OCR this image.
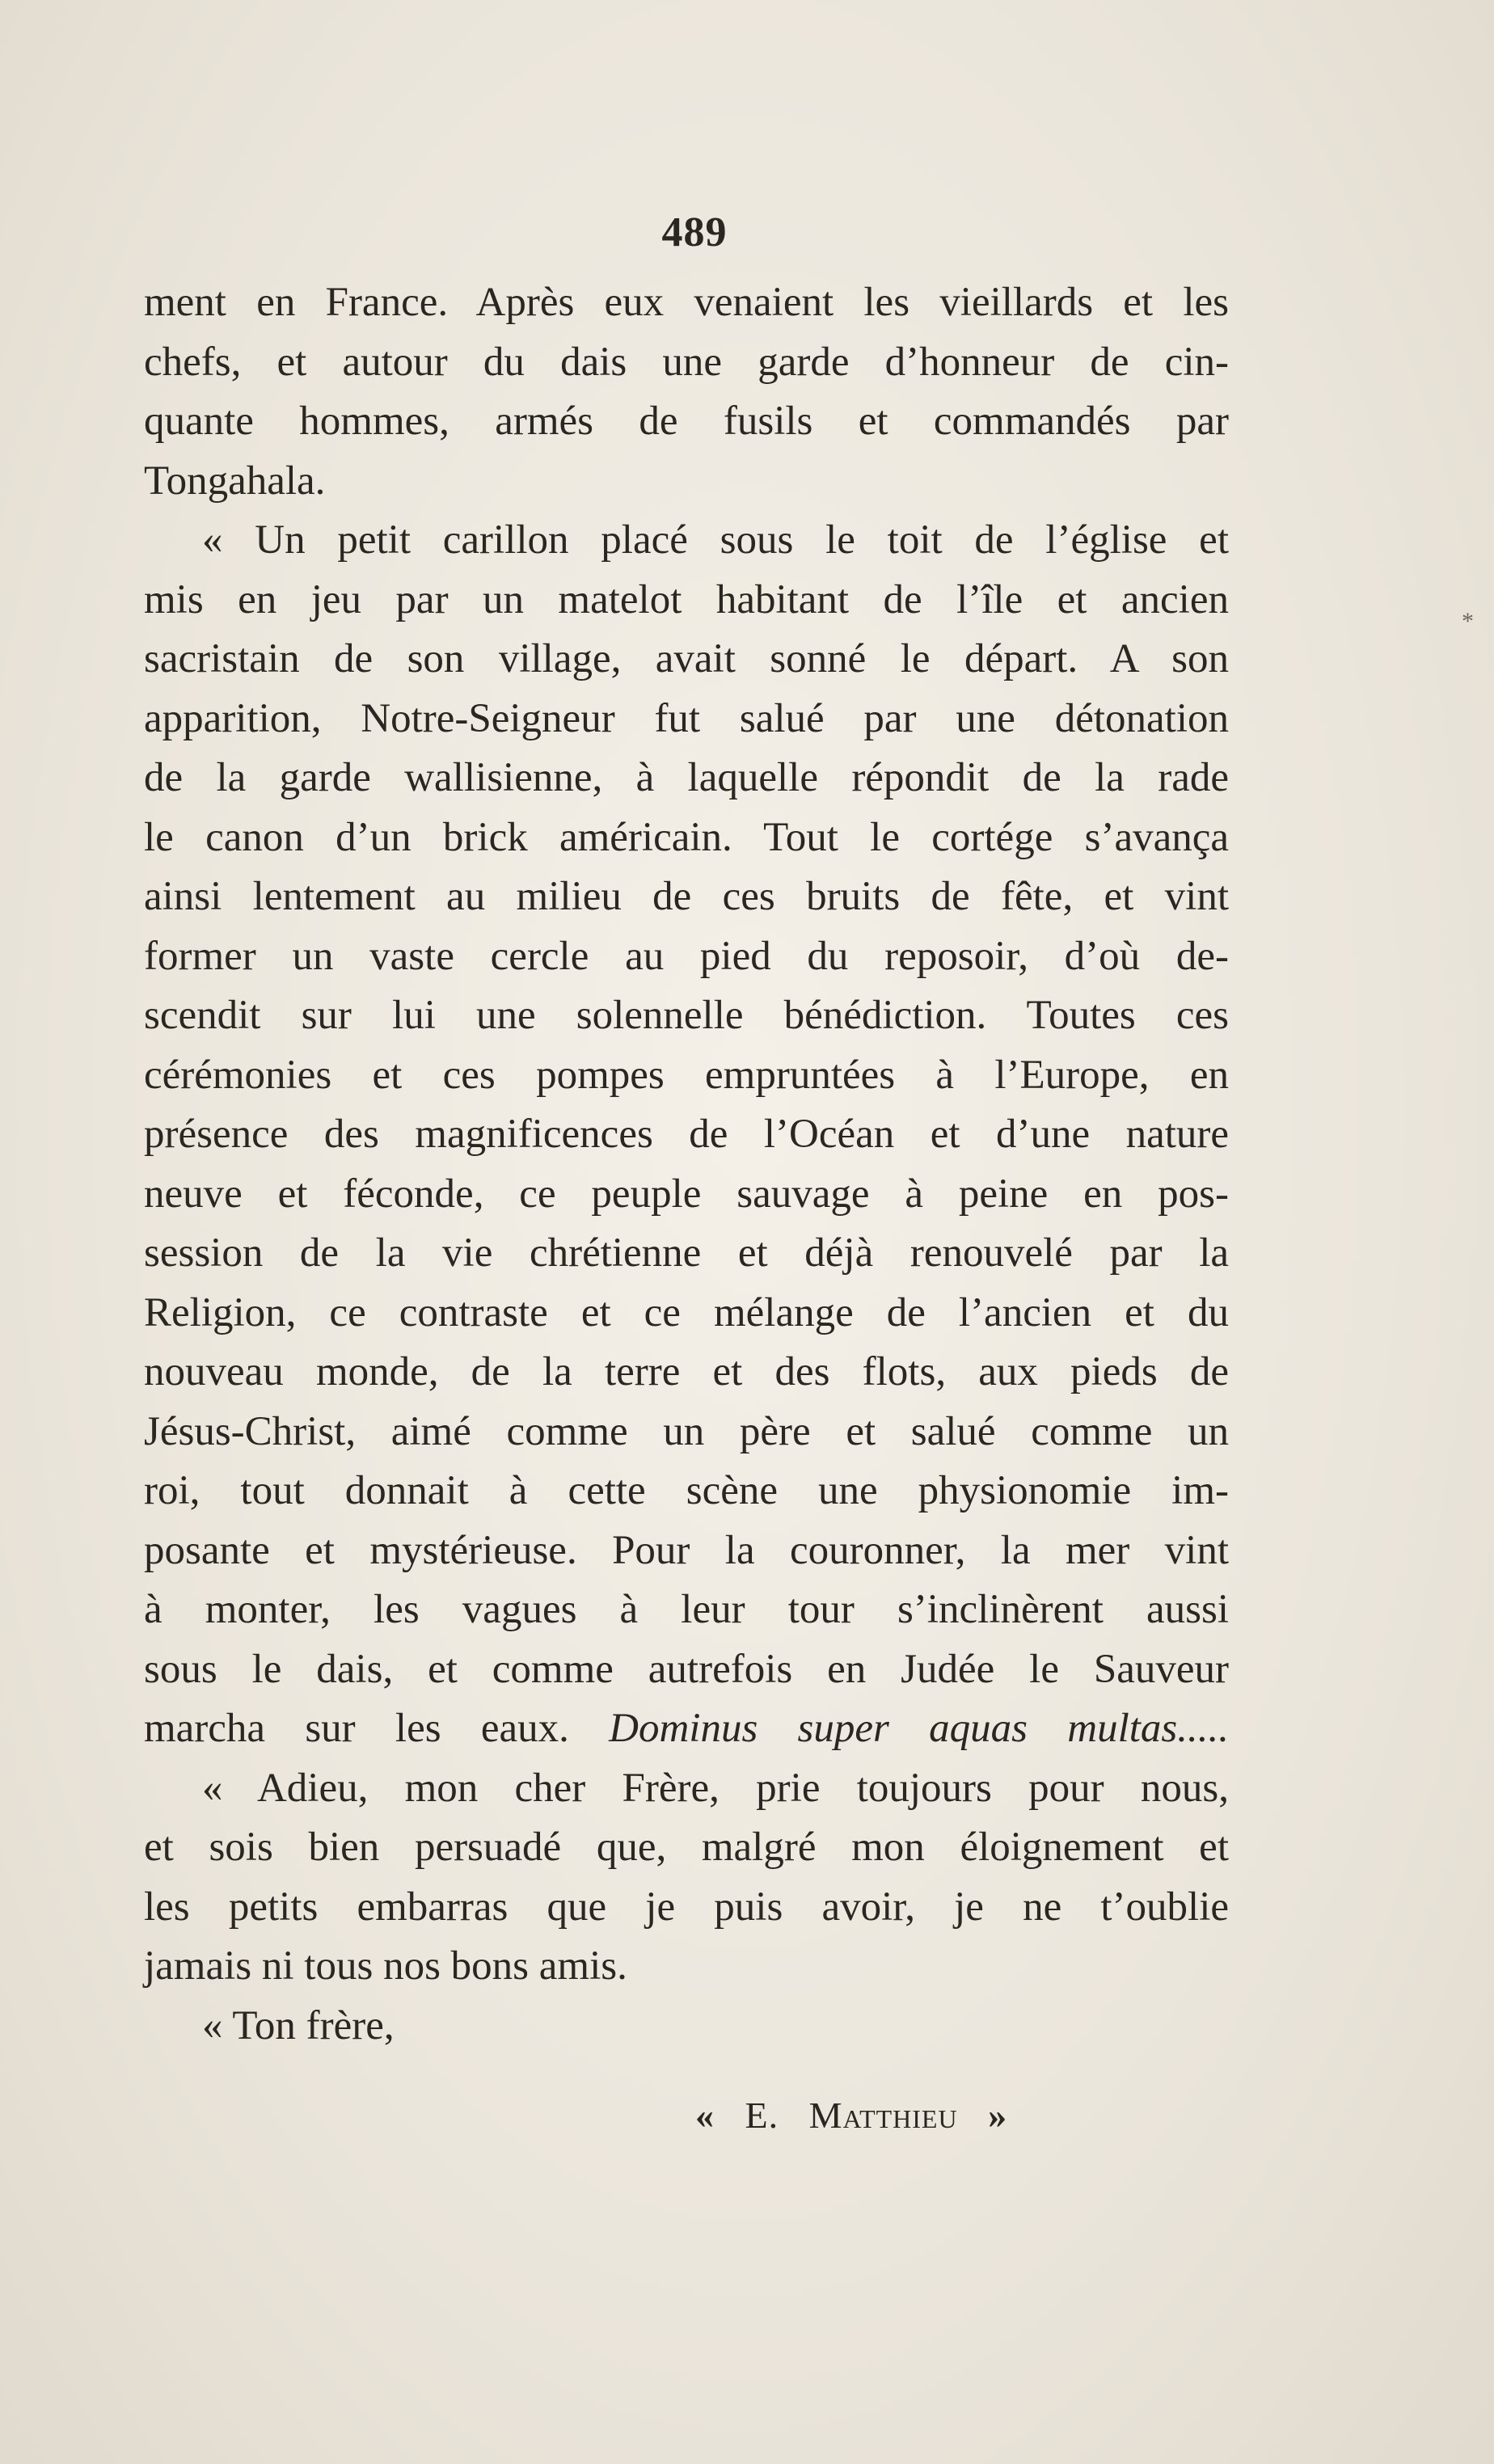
489
ment en France. Après eux venaient les vieillards et les
chefs, et autour du dais une garde d’honneur de cin-
quante hommes, armés de fusils et commandés par
Tongahala.
« Un petit carillon placé sous le toit de l’église et
mis en jeu par un matelot habitant de l’île et ancien
sacristain de son village, avait sonné le départ. A son
apparition, Notre-Seigneur fut salué par une détonation
de la garde wallisienne, à laquelle répondit de la rade
le canon d’un brick américain. Tout le cortége s’avança
ainsi lentement au milieu de ces bruits de fête, et vint
former un vaste cercle au pied du reposoir, d’où de-
scendit sur lui une solennelle bénédiction. Toutes ces
cérémonies et ces pompes empruntées à l’Europe, en
présence des magnificences de l’Océan et d’une nature
neuve et féconde, ce peuple sauvage à peine en pos-
session de la vie chrétienne et déjà renouvelé par la
Religion, ce contraste et ce mélange de l’ancien et du
nouveau monde, de la terre et des flots, aux pieds de
Jésus-Christ, aimé comme un père et salué comme un
roi, tout donnait à cette scène une physionomie im-
posante et mystérieuse. Pour la couronner, la mer vint
à monter, les vagues à leur tour s’inclinèrent aussi
sous le dais, et comme autrefois en Judée le Sauveur
marcha sur les eaux. Dominus super aquas multas.....
« Adieu, mon cher Frère, prie toujours pour nous,
et sois bien persuadé que, malgré mon éloignement et
les petits embarras que je puis avoir, je ne t’oublie
jamais ni tous nos bons amis.
« Ton frère,
« E. Matthieu »
*
